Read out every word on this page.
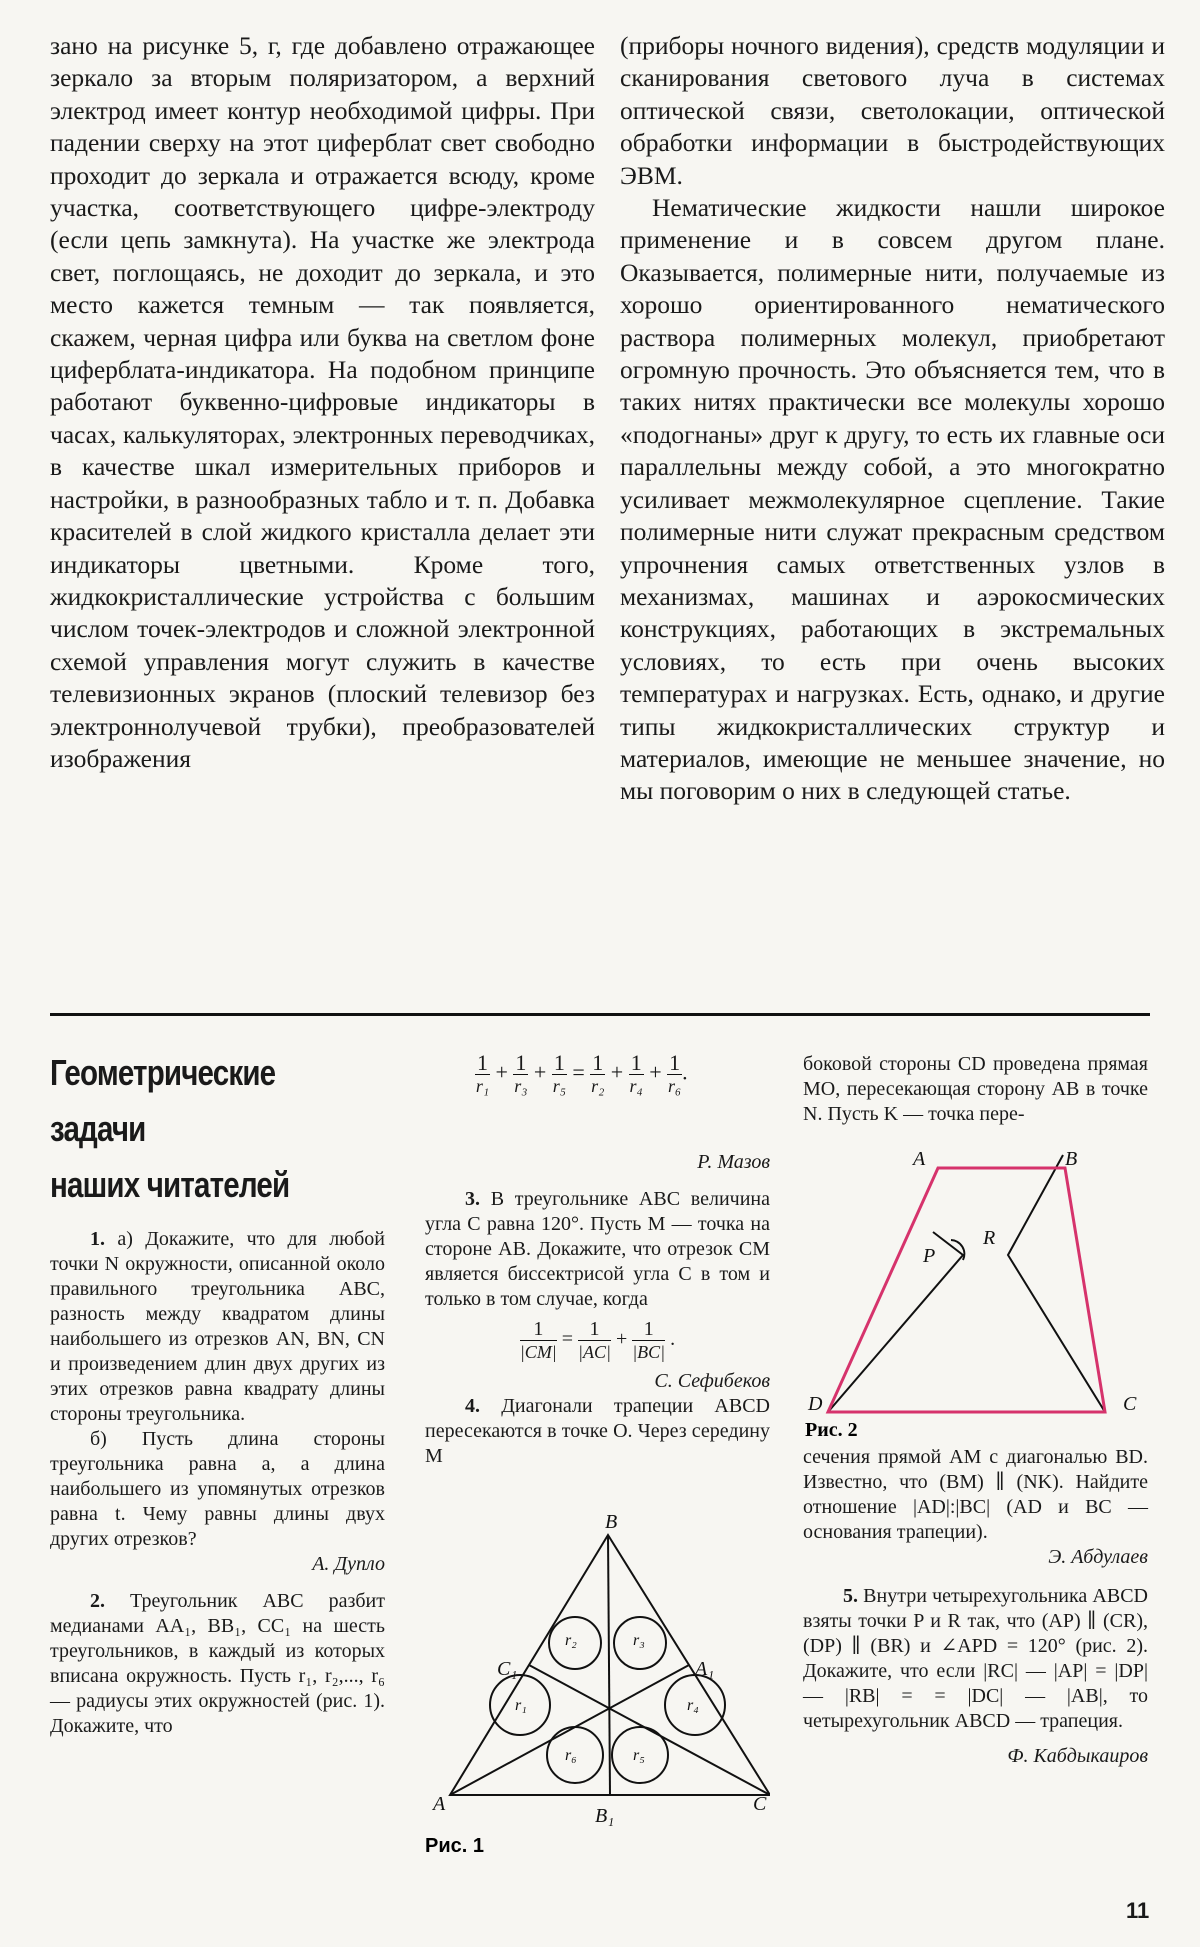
зано на рисунке 5, г, где добавлено отражающее зеркало за вторым поляризатором, а верхний электрод имеет контур необходимой цифры. При падении сверху на этот циферблат свет свободно проходит до зеркала и отражается всюду, кроме участка, соответствующего цифре-электроду (если цепь замкнута). На участке же электрода свет, поглощаясь, не доходит до зеркала, и это место кажется темным — так появляется, скажем, черная цифра или буква на светлом фоне циферблата-индикатора. На подобном принципе работают буквенно-цифровые индикаторы в часах, калькуляторах, электронных переводчиках, в качестве шкал измерительных приборов и настройки, в разнообразных табло и т. п. Добавка красителей в слой жидкого кристалла делает эти индикаторы цветными. Кроме того, жидкокристаллические устройства с большим числом точек-электродов и сложной электронной схемой управления могут служить в качестве телевизионных экранов (плоский телевизор без электроннолучевой трубки), преобразователей изображения

(приборы ночного видения), средств модуляции и сканирования светового луча в системах оптической связи, светолокации, оптической обработки информации в быстродействующих ЭВМ.

Нематические жидкости нашли широкое применение и в совсем другом плане. Оказывается, полимерные нити, получаемые из хорошо ориентированного нематического раствора полимерных молекул, приобретают огромную прочность. Это объясняется тем, что в таких нитях практически все молекулы хорошо «подогнаны» друг к другу, то есть их главные оси параллельны между собой, а это многократно усиливает межмолекулярное сцепление. Такие полимерные нити служат прекрасным средством упрочнения самых ответственных узлов в механизмах, машинах и аэрокосмических конструкциях, работающих в экстремальных условиях, то есть при очень высоких температурах и нагрузках. Есть, однако, и другие типы жидкокристаллических структур и материалов, имеющие не меньшее значение, но мы поговорим о них в следующей статье.

Геометрические
задачи
наших читателей

1. а) Докажите, что для любой точки N окружности, описанной около правильного треугольника ABC, разность между квадратом длины наибольшего из отрезков AN, BN, CN и произведением длин двух других из этих отрезков равна квадрату длины стороны треугольника.

б) Пусть длина стороны треугольника равна a, а длина наибольшего из упомянутых отрезков равна t. Чему равны длины двух других отрезков?

А. Дупло

2. Треугольник ABC разбит медианами AA₁, BB₁, CC₁ на шесть треугольников, в каждый из которых вписана окружность. Пусть r₁, r₂,..., r₆ — радиусы этих окружностей (рис. 1). Докажите, что

$\frac{1}{\text{r₁}} + \frac{1}{\text{r₃}} + \frac{1}{\text{r₅}} = \frac{1}{\text{r₂}} + \frac{1}{\text{r₄}} + \frac{1}{\text{r₆}}$ .

Р. Мазов

3. В треугольнике ABC величина угла C равна 120°. Пусть M — точка на стороне AB. Докажите, что отрезок CM является биссектрисой угла C в том и только в том случае, когда

$\frac{1}{|CM|} = \frac{1}{|AC|} + \frac{1}{|BC|}$ .

С. Сефибеков

4. Диагонали трапеции ABCD пересекаются в точке O. Через середину M

B
A	C
A₁
C₁
B₁
r₁
r₂	r₃
r₄
r₅
r₆
Рис. 1

боковой стороны CD проведена прямая MO, пересекающая сторону AB в точке N. Пусть K — точка пере-

A	B
D	C
P
R
Рис. 2

сечения прямой AM с диагональю BD. Известно, что (BM) ∥ (NK). Найдите отношение |AD|:|BC| (AD и BC — основания трапеции).

Э. Абдулаев

5. Внутри четырехугольника ABCD взяты точки P и R так, что (AP) ∥ (CR), (DP) ∥ (BR) и ∠APD = 120° (рис. 2). Докажите, что если |RC| — |AP| = |DP| — |RB| = = |DC| — |AB|, то четырехугольник ABCD — трапеция.

Ф. Кабдыкаиров

11
